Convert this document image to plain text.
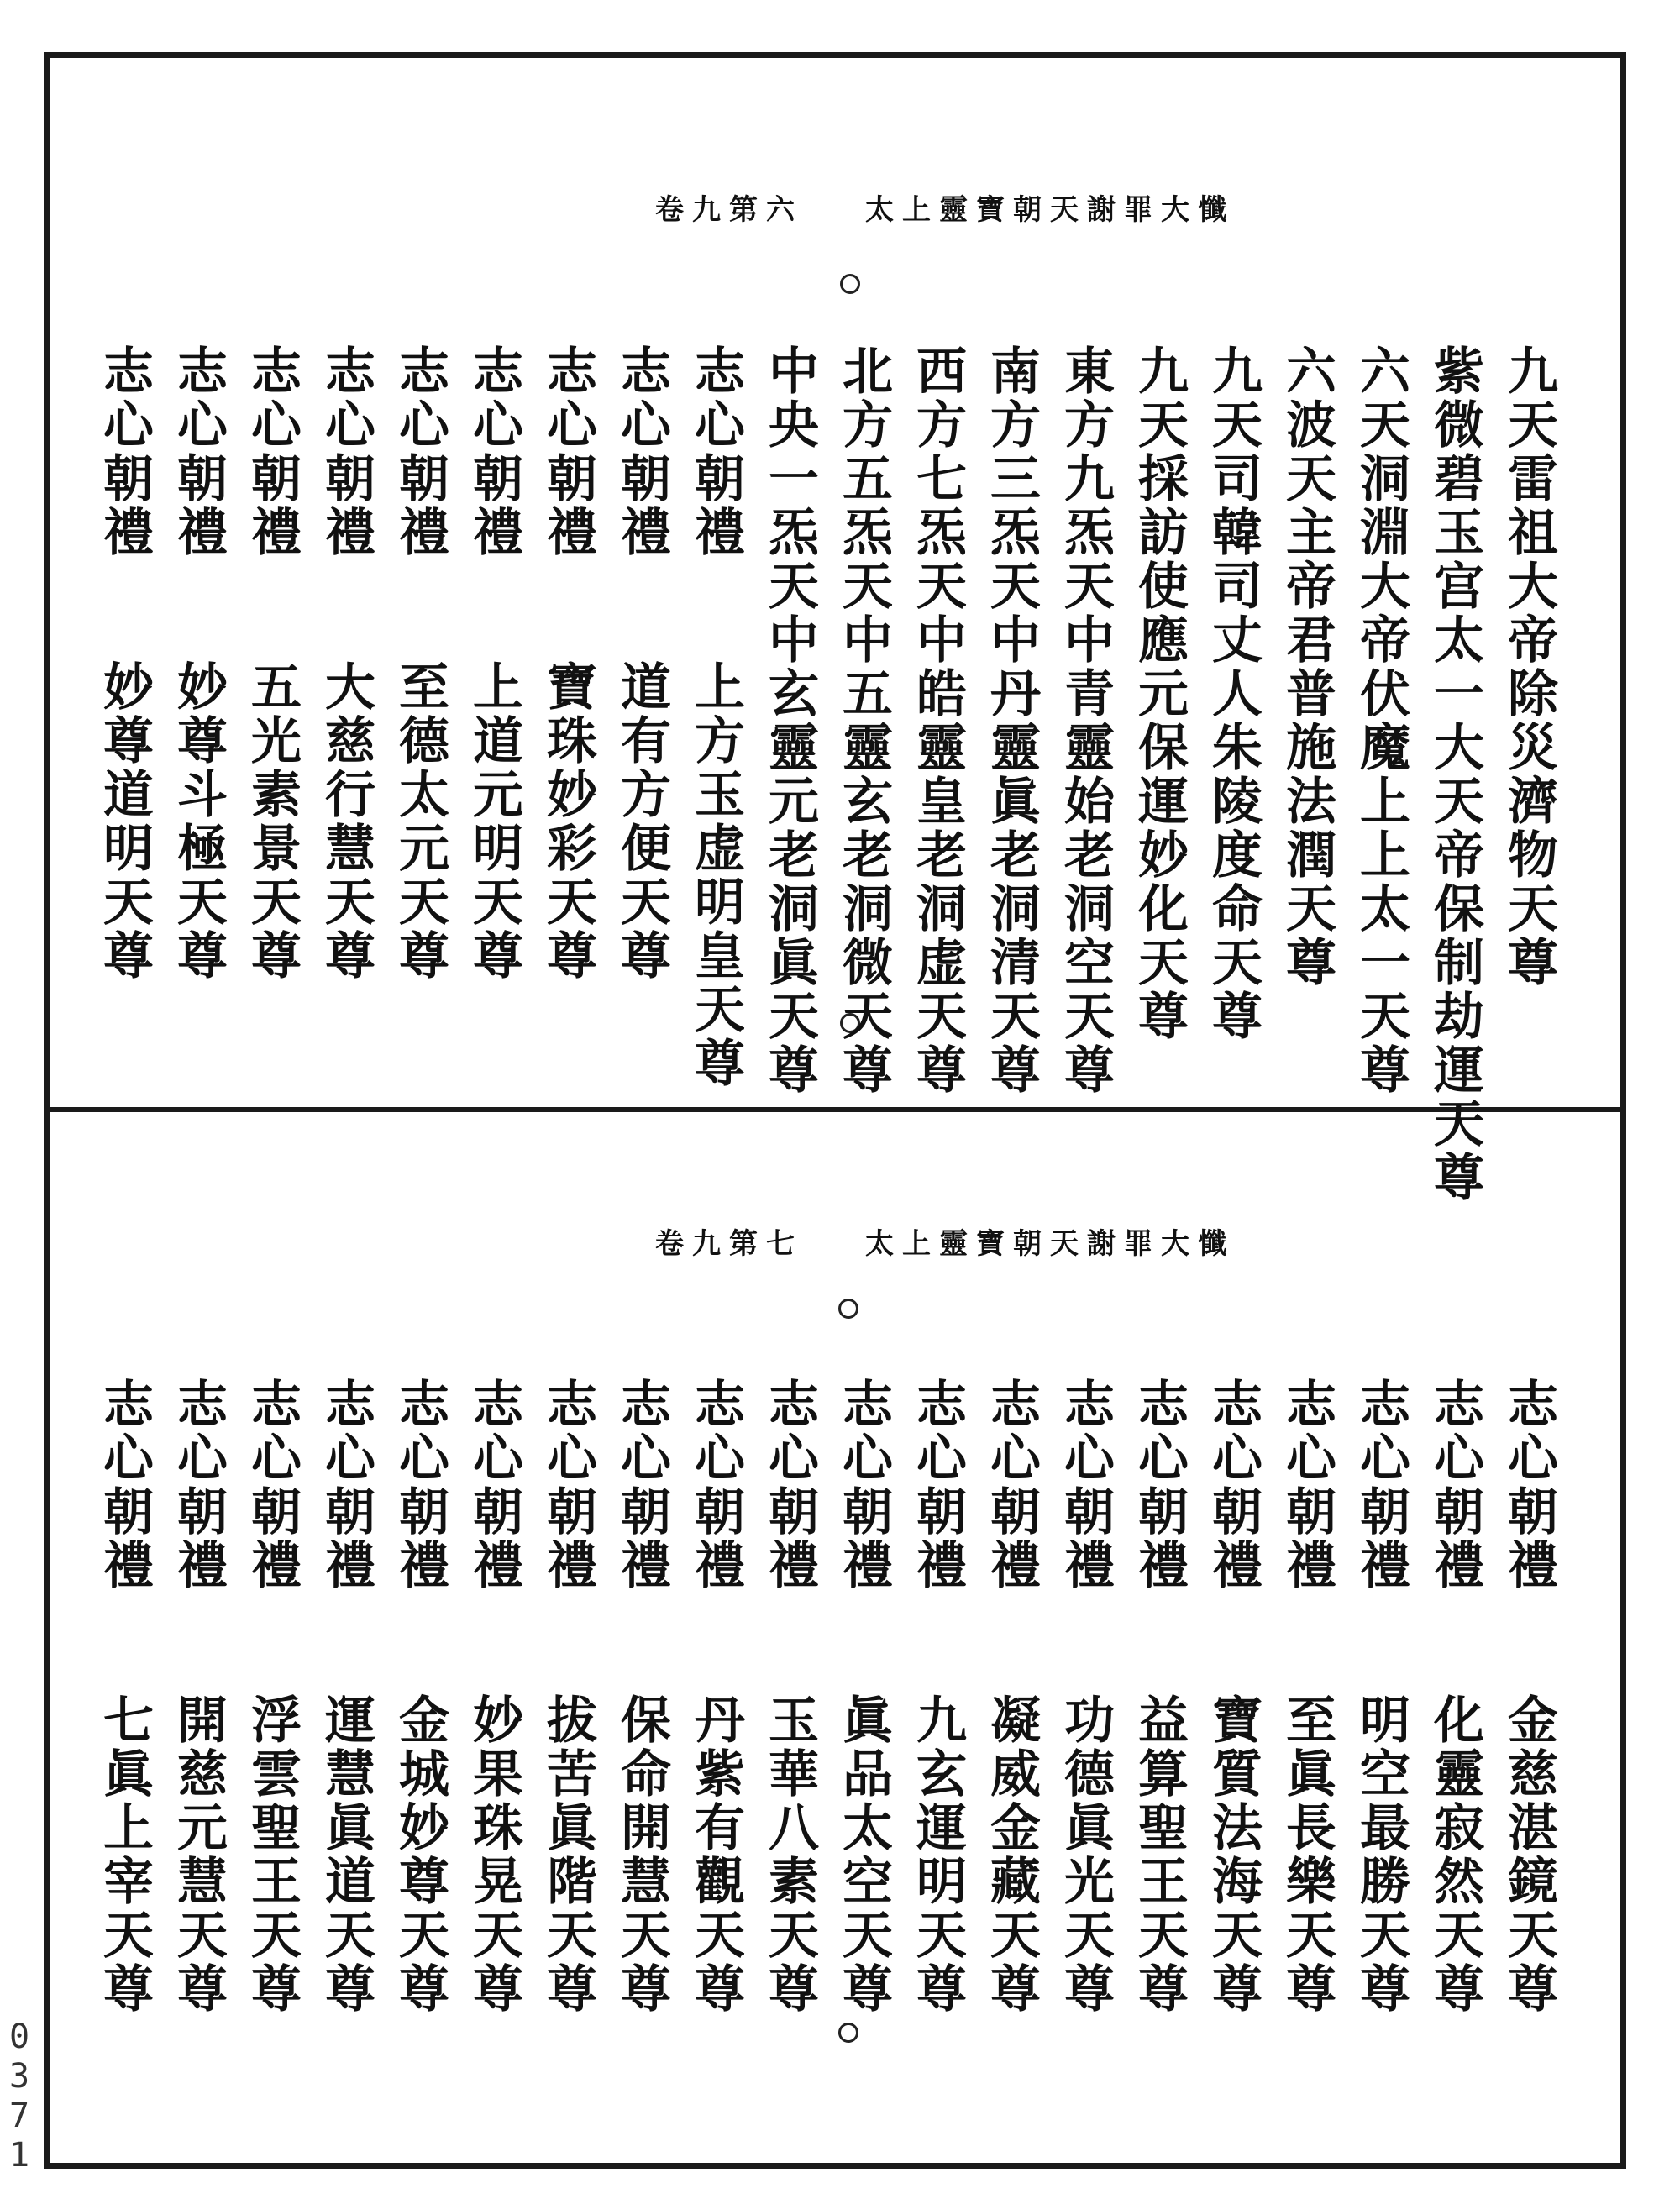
太上靈寶朝天謝罪大懺
卷九第六
太上靈寶朝天謝罪大懺
卷九第七
九天雷祖大帝除災濟物天尊
紫微碧玉宫太一大天帝保制劫運天尊
六天洞淵大帝伏魔上上太一天尊
六波天主帝君普施法潤天尊
九天司韓司丈人朱陵度命天尊
九天採訪使應元保運妙化天尊
東方九炁天中青靈始老洞空天尊
南方三炁天中丹靈眞老洞清天尊
西方七炁天中皓靈皇老洞虚天尊
北方五炁天中五靈玄老洞微天尊
中央一炁天中玄靈元老洞眞天尊
志心朝禮上方玉虚明皇天尊
志心朝禮道有方便天尊
志心朝禮寶珠妙彩天尊
志心朝禮上道元明天尊
志心朝禮至德太元天尊
志心朝禮大慈行慧天尊
志心朝禮五光素景天尊
志心朝禮妙尊斗極天尊
志心朝禮妙尊道明天尊
志心朝禮金慈湛鏡天尊
志心朝禮化靈寂然天尊
志心朝禮明空最勝天尊
志心朝禮至眞長樂天尊
志心朝禮寶質法海天尊
志心朝禮益算聖王天尊
志心朝禮功德眞光天尊
志心朝禮凝威金藏天尊
志心朝禮九玄運明天尊
志心朝禮眞品太空天尊
志心朝禮玉華八素天尊
志心朝禮丹紫有觀天尊
志心朝禮保命開慧天尊
志心朝禮拔苦眞階天尊
志心朝禮妙果珠晃天尊
志心朝禮金城妙尊天尊
志心朝禮運慧眞道天尊
志心朝禮浮雲聖王天尊
志心朝禮開慈元慧天尊
志心朝禮七眞上宰天尊
0
3
7
1
